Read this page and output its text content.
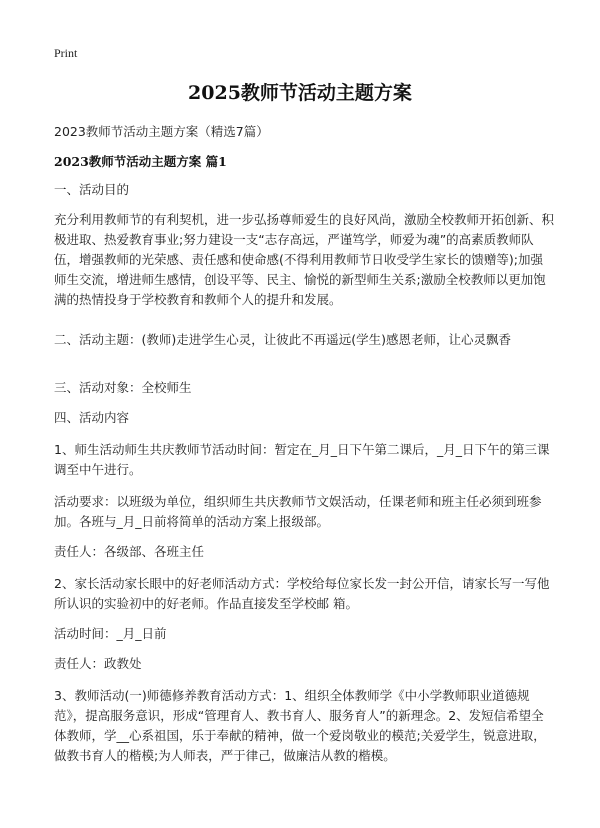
Print
2025教师节活动主题方案
2023教师节活动主题方案（精选7篇）
2023教师节活动主题方案 篇1

一、活动目的

充分利用教师节的有利契机，进一步弘扬尊师爱生的良好风尚，激励全校教师开拓创新、积极进取、热爱教育事业;努力建设一支“志存高远，严谨笃学，师爱为魂”的高素质教师队伍，增强教师的光荣感、责任感和使命感(不得利用教师节日收受学生家长的馈赠等);加强师生交流，增进师生感情，创设平等、民主、愉悦的新型师生关系;激励全校教师以更加饱满的热情投身于学校教育和教师个人的提升和发展。

二、活动主题：(教师)走进学生心灵，让彼此不再遥远(学生)感恩老师，让心灵飘香

三、活动对象：全校师生

四、活动内容

1、师生活动师生共庆教师节活动时间：暂定在_月_日下午第二课后，_月_日下午的第三课调至中午进行。

活动要求：以班级为单位，组织师生共庆教师节文娱活动，任课老师和班主任必须到班参加。各班与_月_日前将简单的活动方案上报级部。

责任人：各级部、各班主任

2、家长活动家长眼中的好老师活动方式：学校给每位家长发一封公开信，请家长写一写他所认识的实验初中的好老师。作品直接发至学校邮 箱。

活动时间：_月_日前

责任人：政教处

3、教师活动(一)师德修养教育活动方式：1、组织全体教师学《中小学教师职业道德规范》，提高服务意识，形成“管理育人、教书育人、服务育人”的新理念。2、发短信希望全体教师，学__心系祖国，乐于奉献的精神，做一个爱岗敬业的模范;关爱学生，锐意进取，做教书育人的楷模;为人师表，严于律己，做廉洁从教的楷模。
